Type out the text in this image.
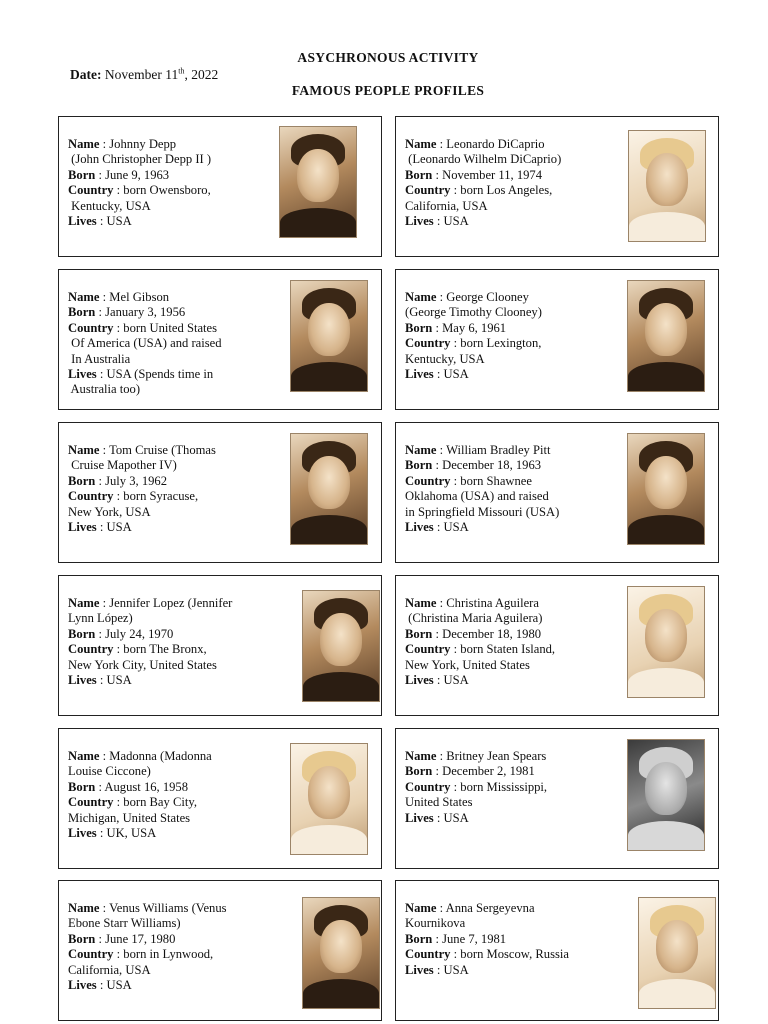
ASYCHRONOUS ACTIVITY
Date: November 11th, 2022
FAMOUS PEOPLE PROFILES
Name : Johnny Depp
(John Christopher Depp II )
Born : June 9, 1963
Country : born Owensboro,
Kentucky, USA
Lives : USA
Name : Leonardo DiCaprio
(Leonardo Wilhelm DiCaprio)
Born : November 11, 1974
Country : born Los Angeles,
California, USA
Lives : USA
Name : Mel Gibson
Born : January 3, 1956
Country : born United States
Of America (USA) and raised
In Australia
Lives : USA (Spends time in
Australia too)
Name : George Clooney
(George Timothy Clooney)
Born : May 6, 1961
Country : born Lexington,
Kentucky, USA
Lives : USA
Name : Tom Cruise (Thomas
Cruise Mapother IV)
Born : July 3, 1962
Country : born Syracuse,
New York, USA
Lives : USA
Name : William Bradley Pitt
Born : December 18, 1963
Country : born Shawnee
Oklahoma (USA) and raised
in Springfield Missouri (USA)
Lives : USA
Name : Jennifer Lopez (Jennifer
Lynn López)
Born : July 24, 1970
Country : born The Bronx,
New York City, United States
Lives : USA
Name : Christina Aguilera
(Christina Maria Aguilera)
Born : December 18, 1980
Country : born Staten Island,
New York, United States
Lives : USA
Name : Madonna (Madonna
Louise Ciccone)
Born : August 16, 1958
Country : born Bay City,
Michigan, United States
Lives : UK, USA
Name : Britney Jean Spears
Born : December 2, 1981
Country : born Mississippi,
United States
Lives : USA
Name : Venus Williams (Venus
Ebone Starr Williams)
Born : June 17, 1980
Country : born in Lynwood,
California, USA
Lives : USA
Name : Anna Sergeyevna
Kournikova
Born : June 7, 1981
Country : born Moscow, Russia
Lives : USA
